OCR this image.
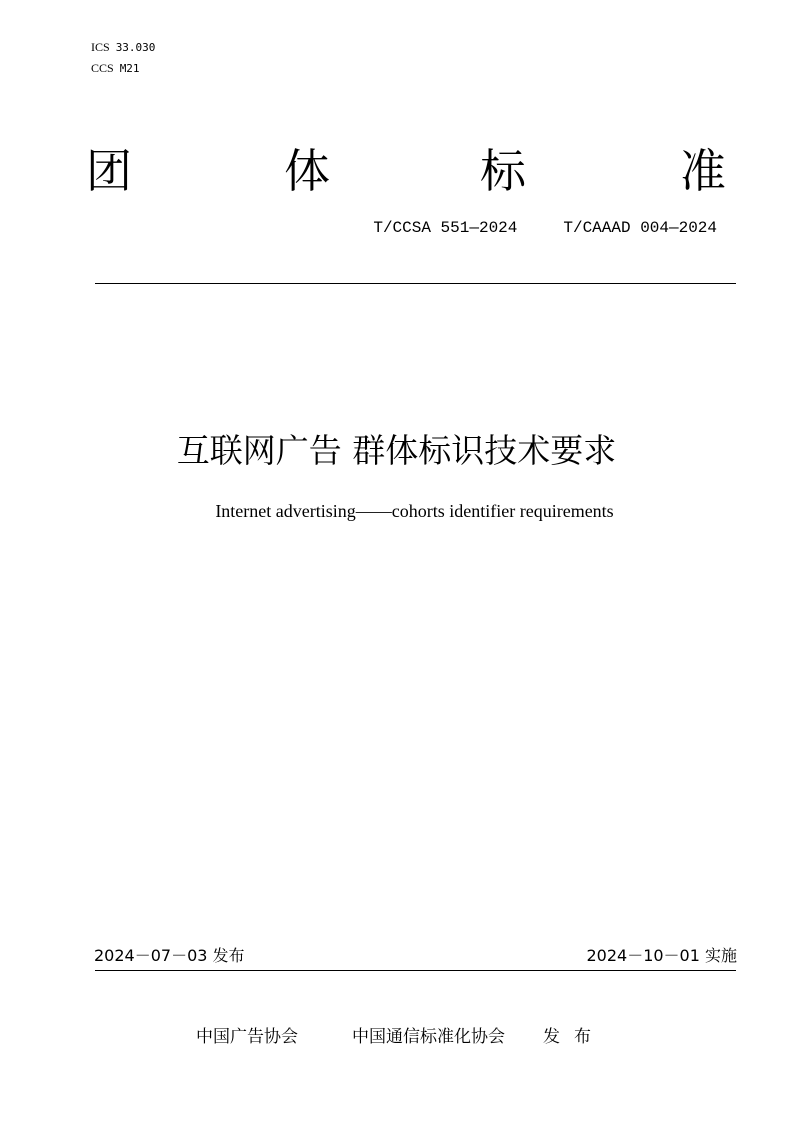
ICS 33.030
CCS M21
团	体	标	准
T/CCSA 551—2024	T/CAAAD 004—2024
互联网广告 群体标识技术要求
Internet advertising——cohorts identifier requirements
2024－07－03 发布	2024－10－01 实施
中国广告协会	中国通信标准化协会 发布
